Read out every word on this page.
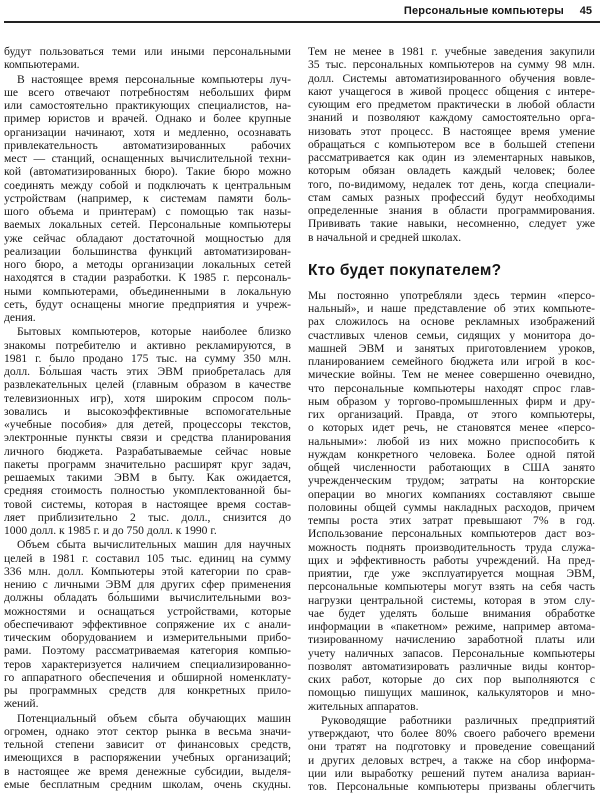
Персональные компьютеры 45
будут пользоваться теми или иными персональными
компьютерами.
В настоящее время персональные компьютеры луч-
ше всего отвечают потребностям небольших фирм
или самостоятельно практикующих специалистов, на-
пример юристов и врачей. Однако и более крупные
организации начинают, хотя и медленно, осознавать
привлекательность автоматизированных рабочих
мест — станций, оснащенных вычислительной техни-
кой (автоматизированных бюро). Такие бюро можно
соединять между собой и подключать к центральным
устройствам (например, к системам памяти боль-
шого объема и принтерам) с помощью так назы-
ваемых локальных сетей. Персональные компьютеры
уже сейчас обладают достаточной мощностью для
реализации большинства функций автоматизирован-
ного бюро, а методы организации локальных сетей
находятся в стадии разработки. К 1985 г. персональ-
ными компьютерами, объединенными в локальную
сеть, будут оснащены многие предприятия и учреж-
дения.
Бытовых компьютеров, которые наиболее близко
знакомы потребителю и активно рекламируются, в
1981 г. было продано 175 тыс. на сумму 350 млн.
долл. Бо́льшая часть этих ЭВМ приобреталась для
развлекательных целей (главным образом в качестве
телевизионных игр), хотя широким спросом поль-
зовались и высокоэффективные вспомогательные
«учебные пособия» для детей, процессоры текстов,
электронные пункты связи и средства планирования
личного бюджета. Разрабатываемые сейчас новые
пакеты программ значительно расширят круг задач,
решаемых такими ЭВМ в быту. Как ожидается,
средняя стоимость полностью укомплектованной бы-
товой системы, которая в настоящее время состав-
ляет приблизительно 2 тыс. долл., снизится до
1000 долл. к 1985 г. и до 750 долл. к 1990 г.
Объем сбыта вычислительных машин для научных
целей в 1981 г. составил 105 тыс. единиц на сумму
336 млн. долл. Компьютеры этой категории по срав-
нению с личными ЭВМ для других сфер применения
должны обладать бо́льшими вычислительными воз-
можностями и оснащаться устройствами, которые
обеспечивают эффективное сопряжение их с анали-
тическим оборудованием и измерительными прибо-
рами. Поэтому рассматриваемая категория компью-
теров характеризуется наличием специализированно-
го аппаратного обеспечения и обширной номенклату-
ры программных средств для конкретных прило-
жений.
Потенциальный объем сбыта обучающих машин
огромен, однако этот сектор рынка в весьма значи-
тельной степени зависит от финансовых средств,
имеющихся в распоряжении учебных организаций;
в настоящее же время денежные субсидии, выделя-
емые бесплатным средним школам, очень скудны.
Тем не менее в 1981 г. учебные заведения закупили
35 тыс. персональных компьютеров на сумму 98 млн.
долл. Системы автоматизированного обучения вовле-
кают учащегося в живой процесс общения с интере-
сующим его предметом практически в любой области
знаний и позволяют каждому самостоятельно орга-
низовать этот процесс. В настоящее время умение
обращаться с компьютером все в большей степени
рассматривается как один из элементарных навыков,
которым обязан овладеть каждый человек; более
того, по-видимому, недалек тот день, когда специали-
стам самых разных профессий будут необходимы
определенные знания в области программирования.
Прививать такие навыки, несомненно, следует уже
в начальной и средней школах.
Кто будет покупателем?
Мы постоянно употребляли здесь термин «персо-
нальный», и наше представление об этих компьюте-
рах сложилось на основе рекламных изображений
счастливых членов семьи, сидящих у монитора до-
машней ЭВМ и занятых приготовлением уроков,
планированием семейного бюджета или игрой в кос-
мические войны. Тем не менее совершенно очевидно,
что персональные компьютеры находят спрос глав-
ным образом у торгово-промышленных фирм и дру-
гих организаций. Правда, от этого компьютеры,
о которых идет речь, не становятся менее «персо-
нальными»: любой из них можно приспособить к
нуждам конкретного человека. Более одной пятой
общей численности работающих в США занято
учрежденческим трудом; затраты на конторские
операции во многих компаниях составляют свыше
половины общей суммы накладных расходов, причем
темпы роста этих затрат превышают 7% в год.
Использование персональных компьютеров даст воз-
можность поднять производительность труда служа-
щих и эффективность работы учреждений. На пред-
приятии, где уже эксплуатируется мощная ЭВМ,
персональные компьютеры могут взять на себя часть
нагрузки центральной системы, которая в этом слу-
чае будет уделять больше внимания обработке
информации в «пакетном» режиме, например автома-
тизированному начислению заработной платы или
учету наличных запасов. Персональные компьютеры
позволят автоматизировать различные виды контор-
ских работ, которые до сих пор выполняются с
помощью пишущих машинок, калькуляторов и мно-
жительных аппаратов.
Руководящие работники различных предприятий
утверждают, что более 80% своего рабочего времени
они тратят на подготовку и проведение совещаний
и других деловых встреч, а также на сбор информа-
ции или выработку решений путем анализа вариан-
тов. Персональные компьютеры призваны облегчить
